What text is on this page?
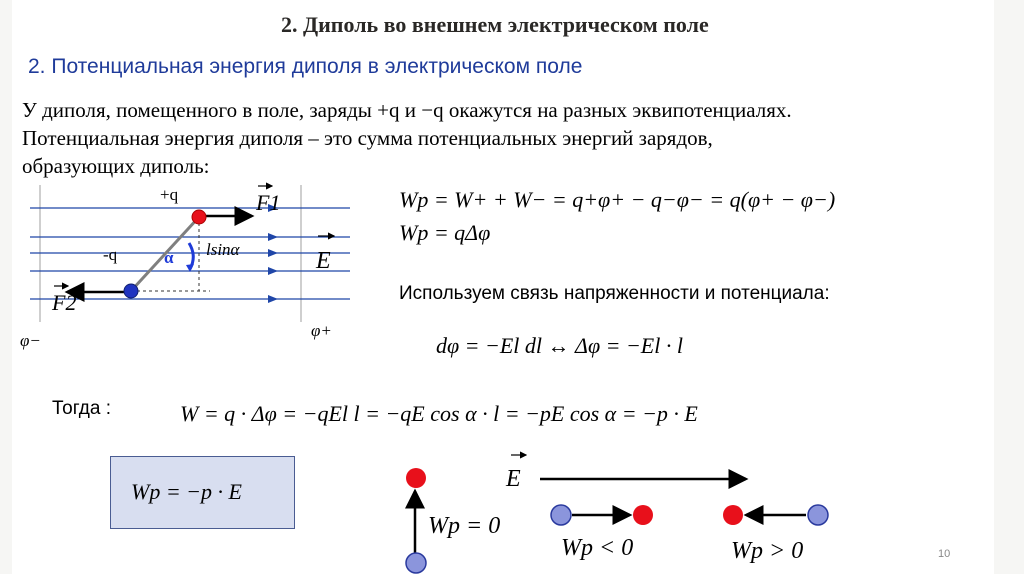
2. Диполь во внешнем электрическом поле
2. Потенциальная энергия диполя в электрическом поле
У диполя, помещенного в поле, заряды +q и −q окажутся на разных эквипотенциалях.
Потенциальная энергия диполя – это сумма потенциальных энергий зарядов,
образующих диполь:
Wp = W+ + W− = q+φ+ − q−φ− = q(φ+ − φ−)
Wp = qΔφ
Используем связь напряженности и потенциала:
dφ = −El dl ↔ Δφ = −El · l
Тогда :	W = q · Δφ = −qEl l = −qE cos α · l = −pE cos α = −p · E
Wp = −p · E
+q
-q
F1
F2
E
α lsinα
φ−
φ+
E
Wp = 0
Wp < 0	Wp > 0	10
